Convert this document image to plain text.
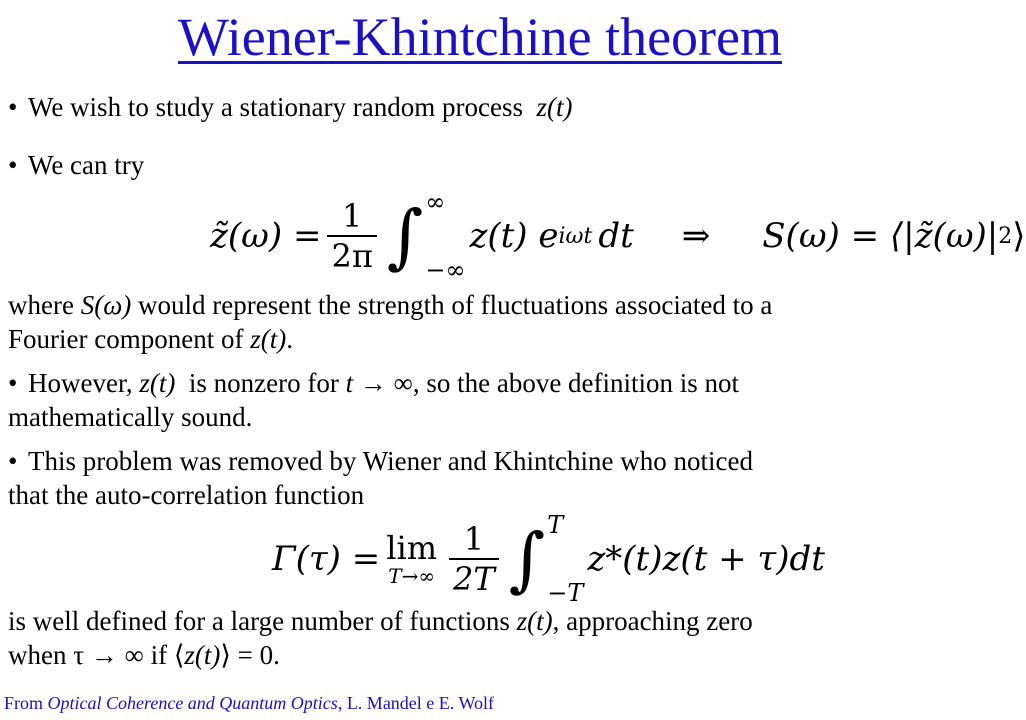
Wiener-Khintchine theorem
• We wish to study a stationary random process z(t)
• We can try
z̃(ω) = $\frac{1}{2\pi}$ ∫ ∞
−∞
z(t) e iωt dt ⇒ S(ω) = ⟨|z̃(ω)| 2 ⟩
where S(ω) would represent the strength of fluctuations associated to a
Fourier component of z(t).
• However, z(t) is nonzero for t → ∞, so the above definition is not
mathematically sound.
• This problem was removed by Wiener and Khintchine who noticed
that the auto-correlation function
Γ(τ) = lim
$T\to\infty \frac{1}{2T}$ ∫ T
−T
z*(t)z(t + τ)dt
is well defined for a large number of functions z(t), approaching zero
when τ → ∞ if ⟨z(t)⟩ = 0.
From Optical Coherence and Quantum Optics, L. Mandel e E. Wolf
